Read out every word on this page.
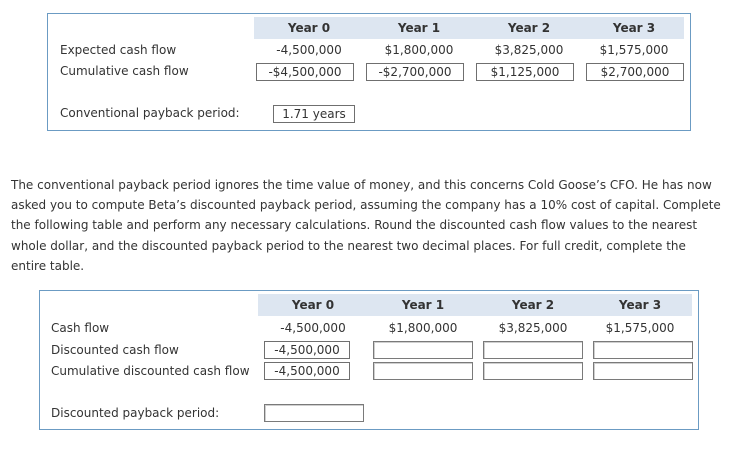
Year 0	Year 1	Year 2	Year 3
Expected cash flow	-4,500,000	$1,800,000	$3,825,000	$1,575,000
Cumulative cash flow	-$4,500,000	-$2,700,000	$1,125,000	$2,700,000
Conventional payback period:	1.71 years

The conventional payback period ignores the time value of money, and this concerns Cold Goose’s CFO. He has now asked you to compute Beta’s discounted payback period, assuming the company has a 10% cost of capital. Complete the following table and perform any necessary calculations. Round the discounted cash flow values to the nearest whole dollar, and the discounted payback period to the nearest two decimal places. For full credit, complete the entire table.

Year 0	Year 1	Year 2	Year 3
Cash flow	-4,500,000	$1,800,000	$3,825,000	$1,575,000
Discounted cash flow	-4,500,000
Cumulative discounted cash flow	-4,500,000
Discounted payback period:
